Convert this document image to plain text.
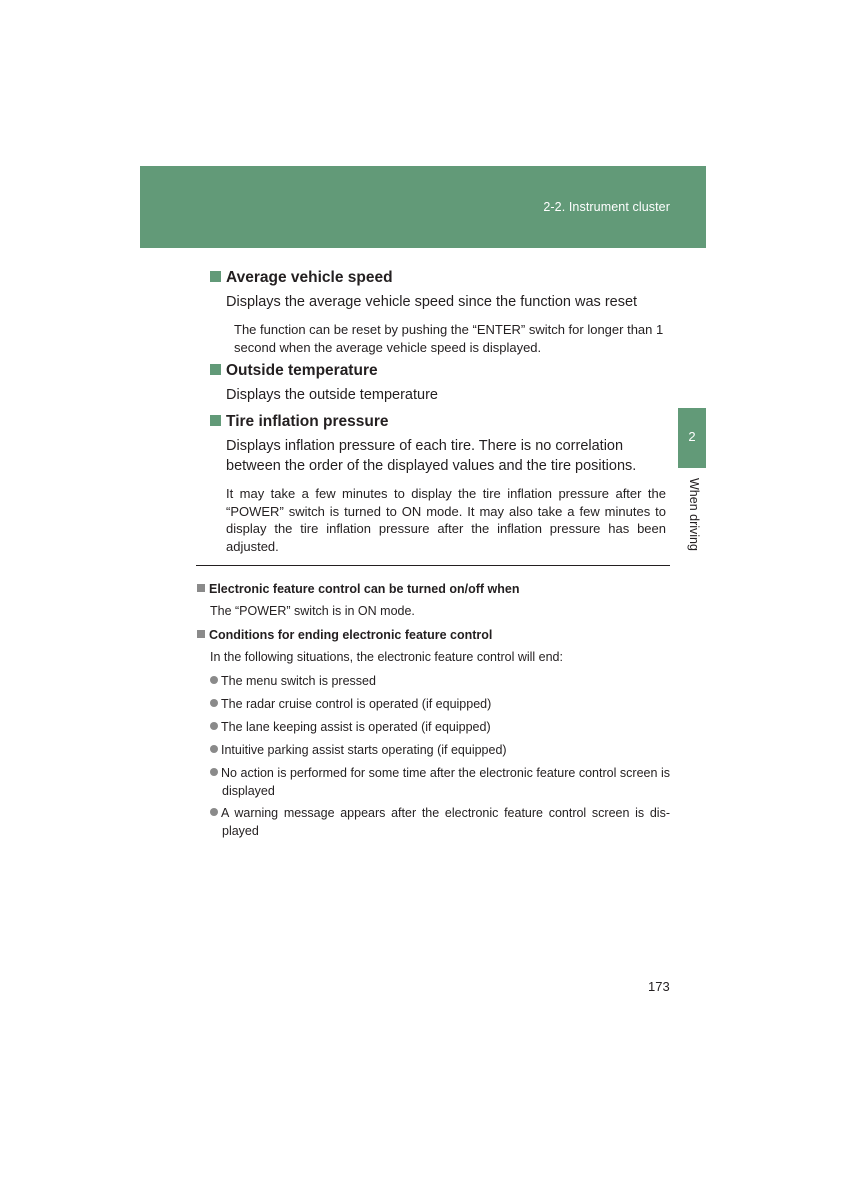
2-2. Instrument cluster
2
When driving
Average vehicle speed
Displays the average vehicle speed since the function was reset
The function can be reset by pushing the “ENTER” switch for longer than 1 second when the average vehicle speed is displayed.
Outside temperature
Displays the outside temperature
Tire inflation pressure
Displays inflation pressure of each tire. There is no correlation between the order of the displayed values and the tire positions.
It may take a few minutes to display the tire inflation pressure after the “POWER” switch is turned to ON mode. It may also take a few minutes to display the tire inflation pressure after the inflation pressure has been adjusted.
Electronic feature control can be turned on/off when
The “POWER” switch is in ON mode.
Conditions for ending electronic feature control
In the following situations, the electronic feature control will end:
The menu switch is pressed
The radar cruise control is operated (if equipped)
The lane keeping assist is operated (if equipped)
Intuitive parking assist starts operating (if equipped)
No action is performed for some time after the electronic feature control screen is displayed
A warning message appears after the electronic feature control screen is dis-played
173
